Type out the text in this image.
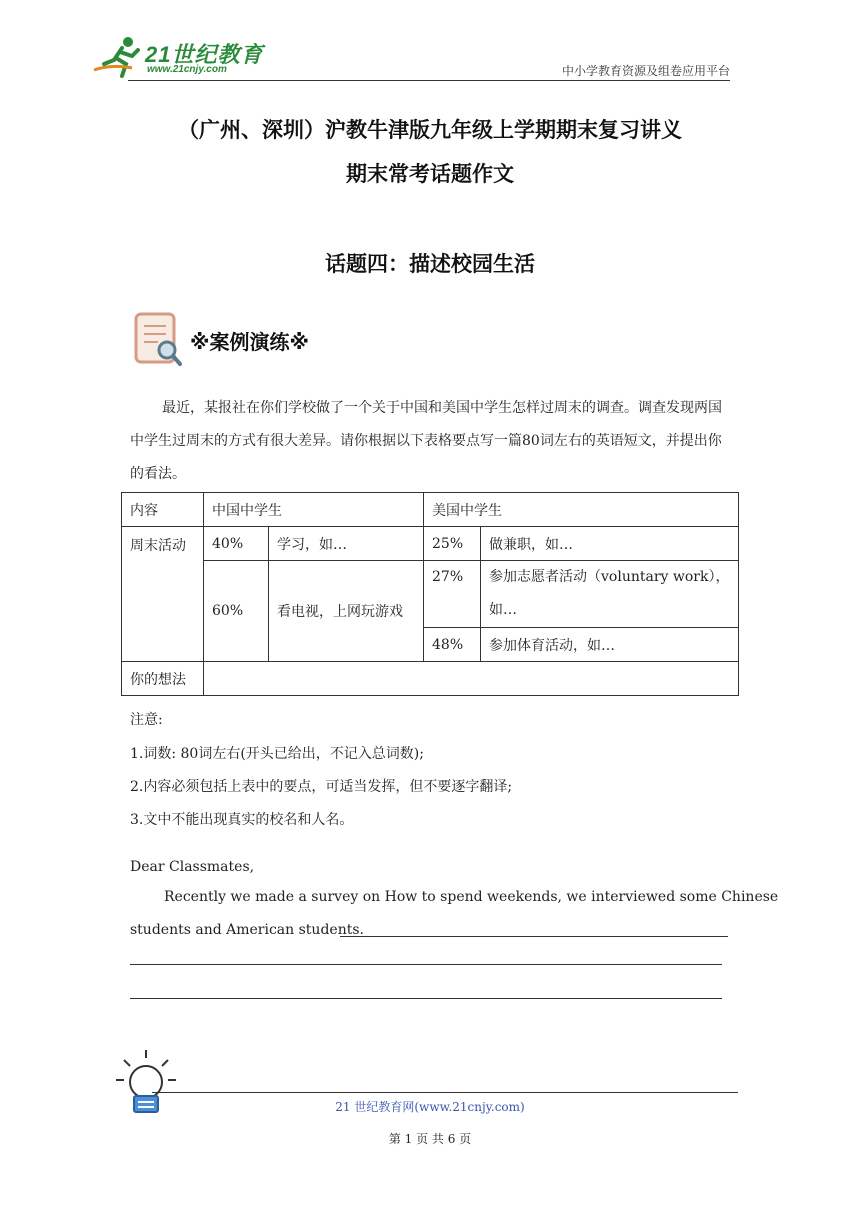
21世纪教育
www.21cnjy.com	中小学教育资源及组卷应用平台
（广州、深圳）沪教牛津版九年级上学期期末复习讲义
期末常考话题作文
话题四：描述校园生活
※案例演练※
最近，某报社在你们学校做了一个关于中国和美国中学生怎样过周末的调查。调查发现两国中学生过周末的方式有很大差异。请你根据以下表格要点写一篇80词左右的英语短文，并提出你的看法。
内容	中国中学生		美国中学生	
周末活动	40%	学习，如…	25%	做兼职，如…
	60%	看电视，上网玩游戏	27%	参加志愿者活动（voluntary work），如…

			48%	参加体育活动，如…
你的想法				
注意:
1.词数: 80词左右(开头已给出，不记入总词数);
2.内容必须包括上表中的要点，可适当发挥，但不要逐字翻译;
3.文中不能出现真实的校名和人名。
Dear Classmates,
Recently we made a survey on How to spend weekends, we interviewed some Chinese
students and American students.
21 世纪教育网(www.21cnjy.com)
第 1 页 共 6 页
